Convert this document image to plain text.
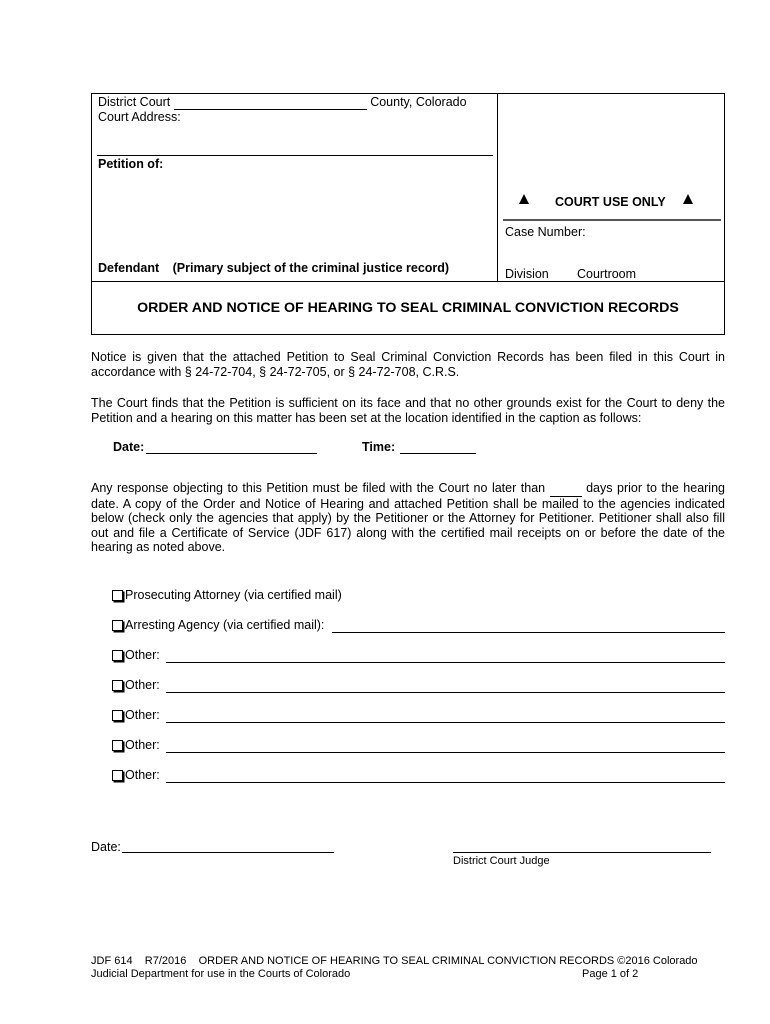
District Court	County, Colorado
Court Address:
Petition of:
Defendant (Primary subject of the criminal justice record)
COURT USE ONLY
Case Number:
Division Courtroom
ORDER AND NOTICE OF HEARING TO SEAL CRIMINAL CONVICTION RECORDS
Notice is given that the attached Petition to Seal Criminal Conviction Records has been filed in this Court in accordance with § 24-72-704, § 24-72-705, or § 24-72-708, C.R.S.
The Court finds that the Petition is sufficient on its face and that no other grounds exist for the Court to deny the Petition and a hearing on this matter has been set at the location identified in the caption as follows:
Date:	Time:
Any response objecting to this Petition must be filed with the Court no later than	days prior to the hearing date. A copy of the Order and Notice of Hearing and attached Petition shall be mailed to the agencies indicated below (check only the agencies that apply) by the Petitioner or the Attorney for Petitioner. Petitioner shall also fill out and file a Certificate of Service (JDF 617) along with the certified mail receipts on or before the date of the hearing as noted above.
Prosecuting Attorney (via certified mail)
Arresting Agency (via certified mail):
Other:
Other:
Other:
Other:
Other:
Date:
District Court Judge
JDF 614    R7/2016    ORDER AND NOTICE OF HEARING TO SEAL CRIMINAL CONVICTION RECORDS ©2016 Colorado
Judicial Department for use in the Courts of Colorado	Page 1 of 2
